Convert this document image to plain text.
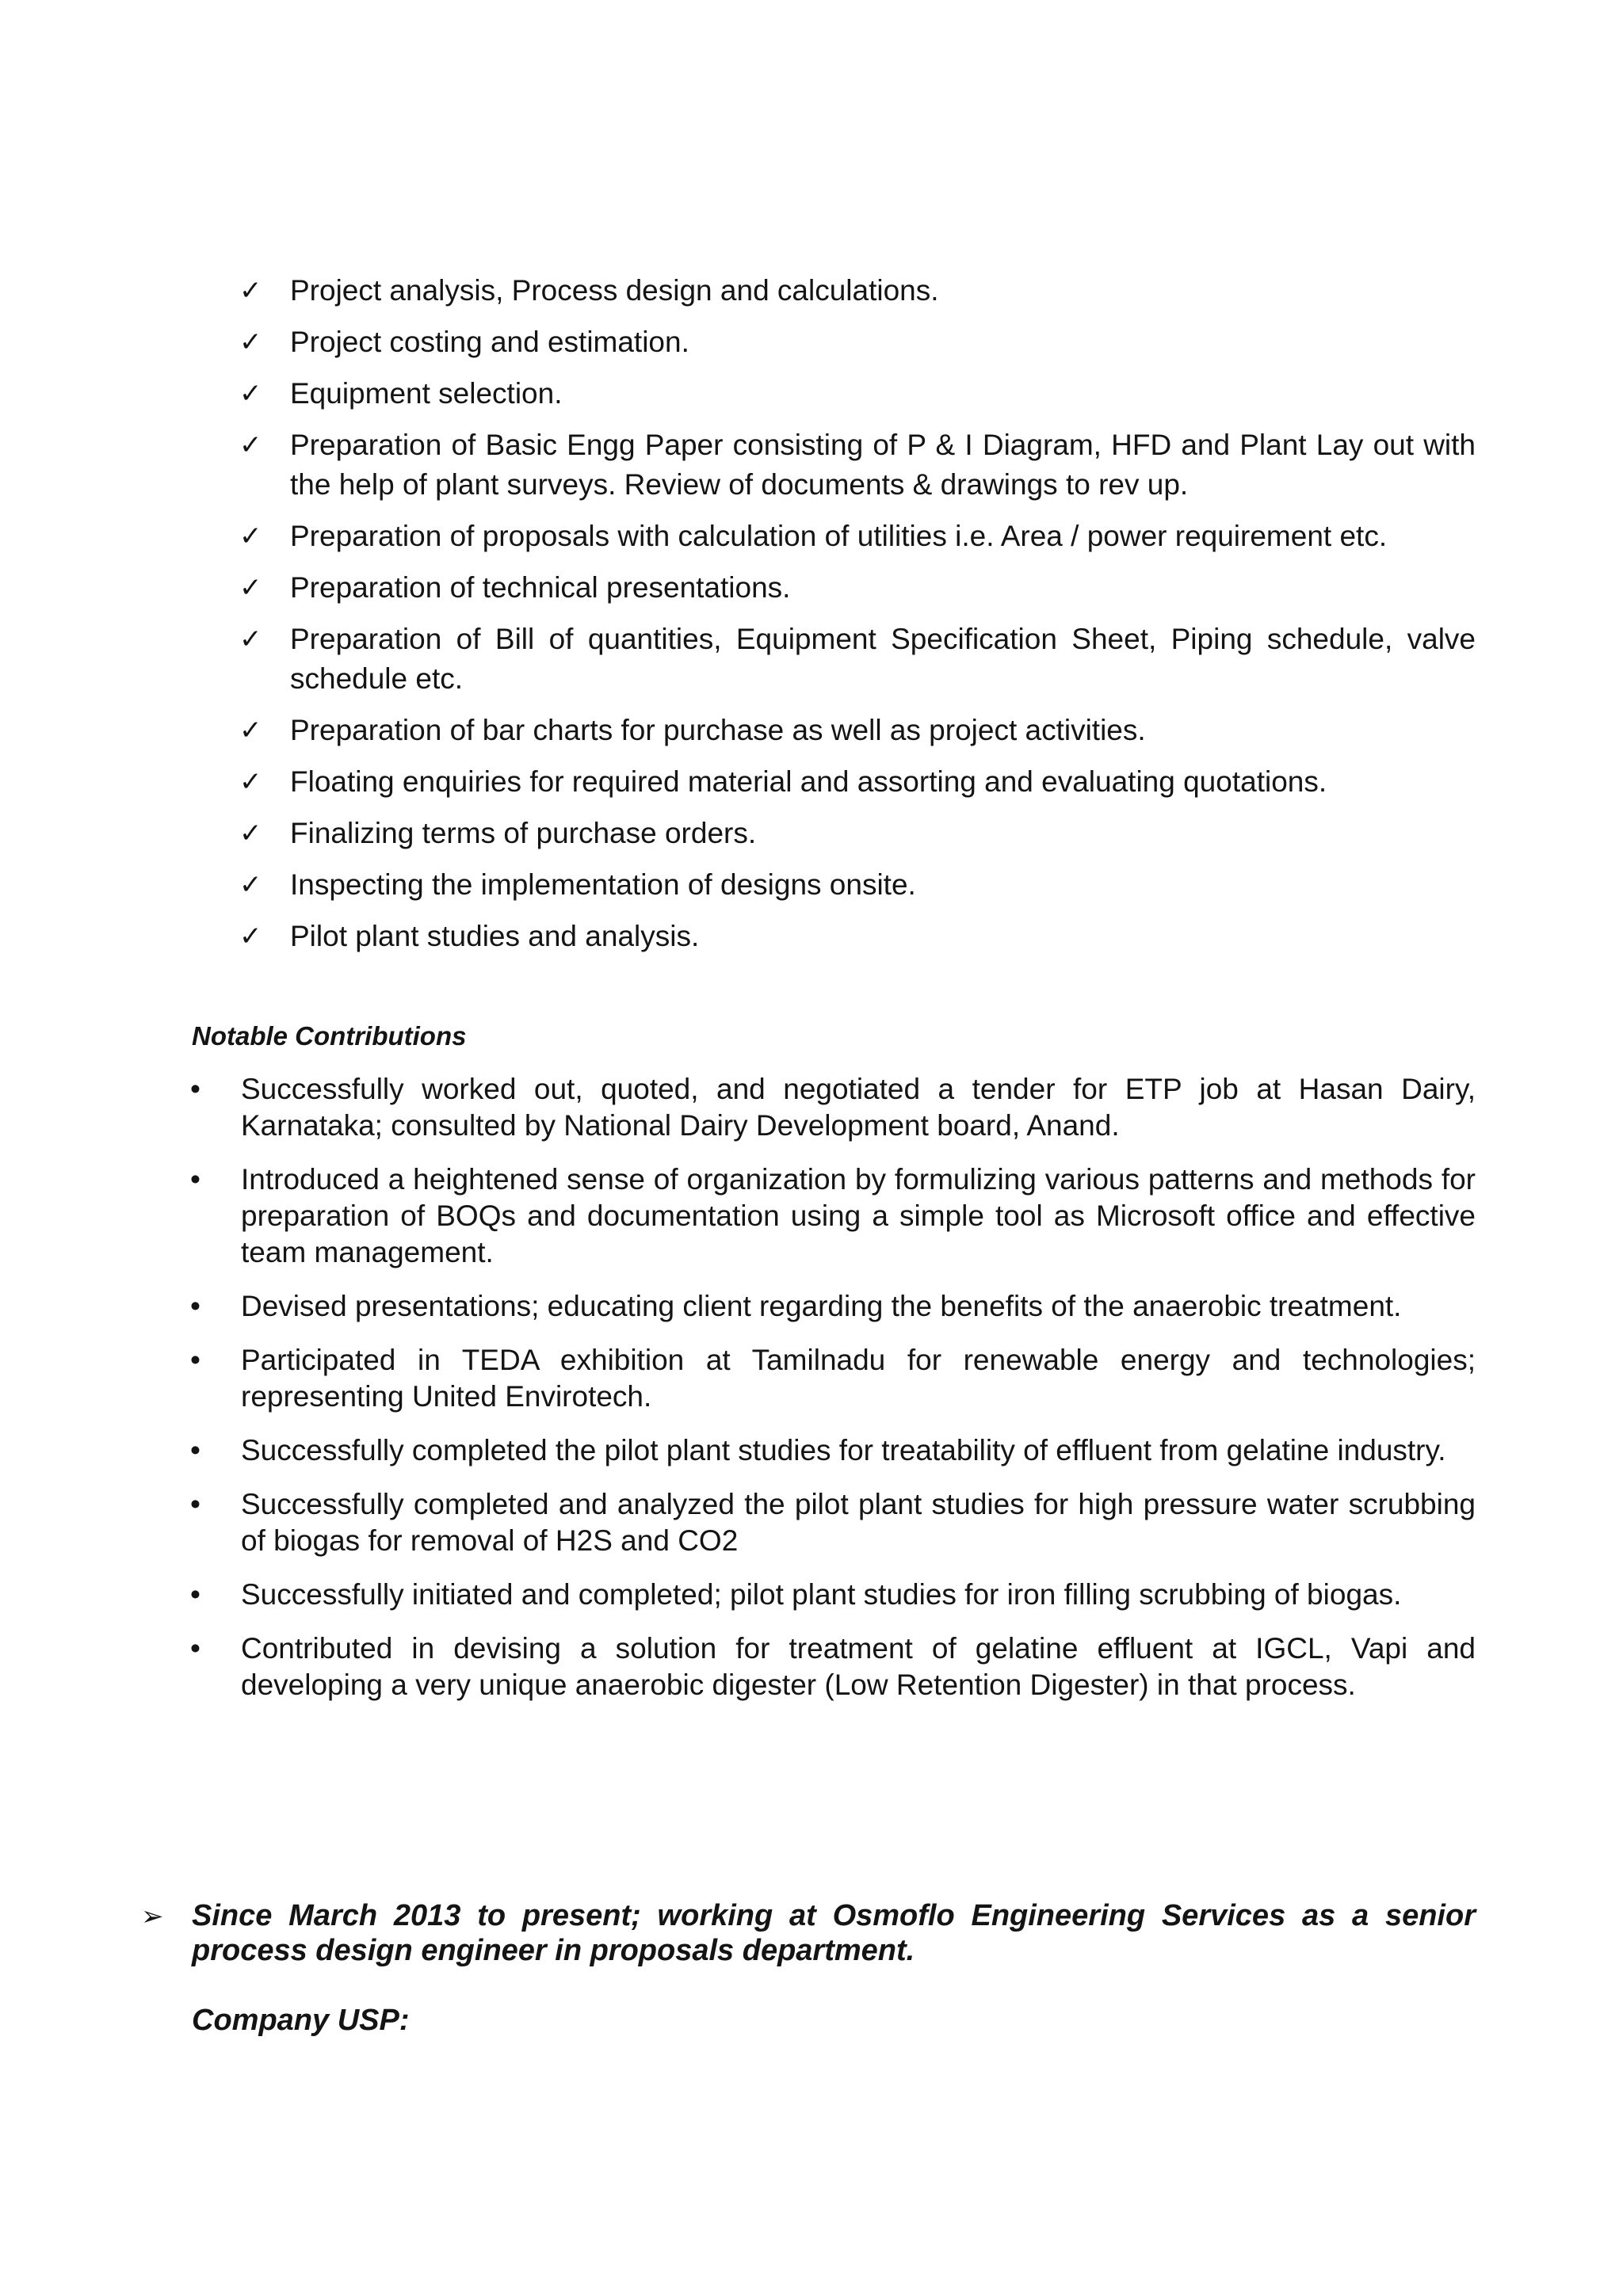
✓ Project analysis, Process design and calculations.
✓ Project costing and estimation.
✓ Equipment selection.
✓ Preparation of Basic Engg Paper consisting of P & I Diagram, HFD and Plant Lay out with the help of plant surveys. Review of documents & drawings to rev up.
✓ Preparation of proposals with calculation of utilities i.e. Area / power requirement etc.
✓ Preparation of technical presentations.
✓ Preparation of Bill of quantities, Equipment Specification Sheet, Piping schedule, valve schedule etc.
✓ Preparation of bar charts for purchase as well as project activities.
✓ Floating enquiries for required material and assorting and evaluating quotations.
✓ Finalizing terms of purchase orders.
✓ Inspecting the implementation of designs onsite.
✓ Pilot plant studies and analysis.
Notable Contributions
• Successfully worked out, quoted, and negotiated a tender for ETP job at Hasan Dairy, Karnataka; consulted by National Dairy Development board, Anand.
• Introduced a heightened sense of organization by formulizing various patterns and methods for preparation of BOQs and documentation using a simple tool as Microsoft office and effective team management.
• Devised presentations; educating client regarding the benefits of the anaerobic treatment.
• Participated in TEDA exhibition at Tamilnadu for renewable energy and technologies; representing United Envirotech.
• Successfully completed the pilot plant studies for treatability of effluent from gelatine industry.
• Successfully completed and analyzed the pilot plant studies for high pressure water scrubbing of biogas for removal of H2S and CO2
• Successfully initiated and completed; pilot plant studies for iron filling scrubbing of biogas.
• Contributed in devising a solution for treatment of gelatine effluent at IGCL, Vapi and developing a very unique anaerobic digester (Low Retention Digester) in that process.
➢ Since March 2013 to present; working at Osmoflo Engineering Services as a senior process design engineer in proposals department.

Company USP:
